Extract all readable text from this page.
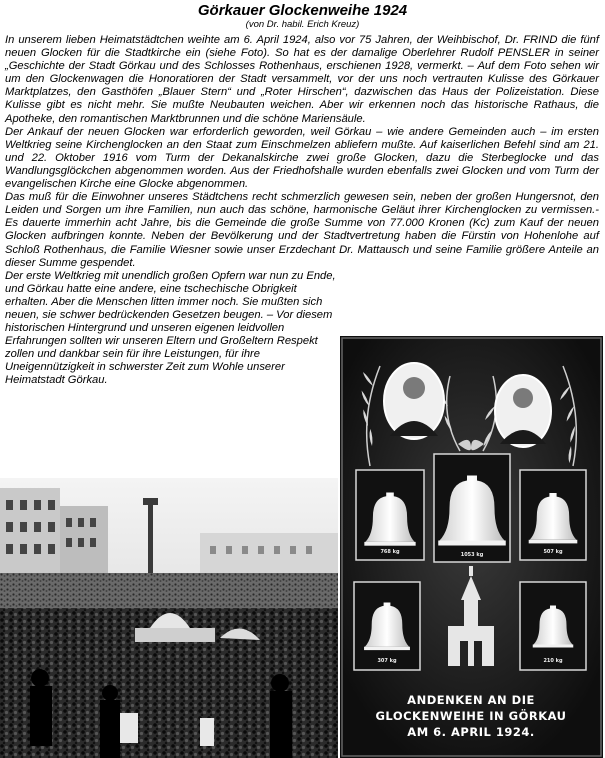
Görkauer Glockenweihe 1924
(von Dr. habil. Erich Kreuz)

In unserem lieben Heimatstädtchen weihte am 6. April 1924, also vor 75 Jahren, der Weihbischof, Dr. FRIND die fünf neuen Glocken für die Stadtkirche ein (siehe Foto). So hat es der damalige Oberlehrer Rudolf PENSLER in seiner „Geschichte der Stadt Görkau und des Schlosses Rothenhaus, erschienen 1928, vermerkt. – Auf dem Foto sehen wir um den Glockenwagen die Honoratioren der Stadt versammelt, vor der uns noch vertrauten Kulisse des Görkauer Marktplatzes, den Gasthöfen „Blauer Stern“ und „Roter Hirschen“, dazwischen das Haus der Polizeistation. Diese Kulisse gibt es nicht mehr. Sie mußte Neubauten weichen. Aber wir erkennen noch das historische Rathaus, die Apotheke, den romantischen Marktbrunnen und die schöne Mariensäule.

Der Ankauf der neuen Glocken war erforderlich geworden, weil Görkau – wie andere Gemeinden auch – im ersten Weltkrieg seine Kirchenglocken an den Staat zum Einschmelzen abliefern mußte. Auf kaiserlichen Befehl sind am 21. und 22. Oktober 1916 vom Turm der Dekanalskirche zwei große Glocken, dazu die Sterbeglocke und das Wandlungsglöckchen abgenommen worden. Aus der Friedhofshalle wurden ebenfalls zwei Glocken und vom Turm der evangelischen Kirche eine Glocke abgenommen.

Das muß für die Einwohner unseres Städtchens recht schmerzlich gewesen sein, neben der großen Hungersnot, den Leiden und Sorgen um ihre Familien, nun auch das schöne, harmonische Geläut ihrer Kirchenglocken zu vermissen.- Es dauerte immerhin acht Jahre, bis die Gemeinde die große Summe von 77.000 Kronen (Kc) zum Kauf der neuen Glocken aufbringen konnte. Neben der Bevölkerung und der Stadtvertretung haben die Fürstin von Hohenlohe auf Schloß Rothenhaus, die Familie Wiesner sowie unser Erzdechant Dr. Mattausch und seine Familie größere Anteile an dieser Summe gespendet.

Der erste Weltkrieg mit unendlich großen Opfern war nun zu Ende, und Görkau hatte eine andere, eine tschechische Obrigkeit erhalten. Aber die Menschen litten immer noch. Sie mußten sich neuen, sie schwer bedrückenden Gesetzen beugen. – Vor diesem historischen Hintergrund und unseren eigenen leidvollen Erfahrungen sollten wir unseren Eltern und Großeltern Respekt zollen und dankbar sein für ihre Leistungen, für ihre Uneigennützigkeit in schwerster Zeit zum Wohle unserer Heimatstadt Görkau.

768 kg	1053 kg	507 kg
307 kg	210 kg
ANDENKEN AN DIE
GLOCKENWEIHE IN GÖRKAU
AM 6. APRIL 1924.
